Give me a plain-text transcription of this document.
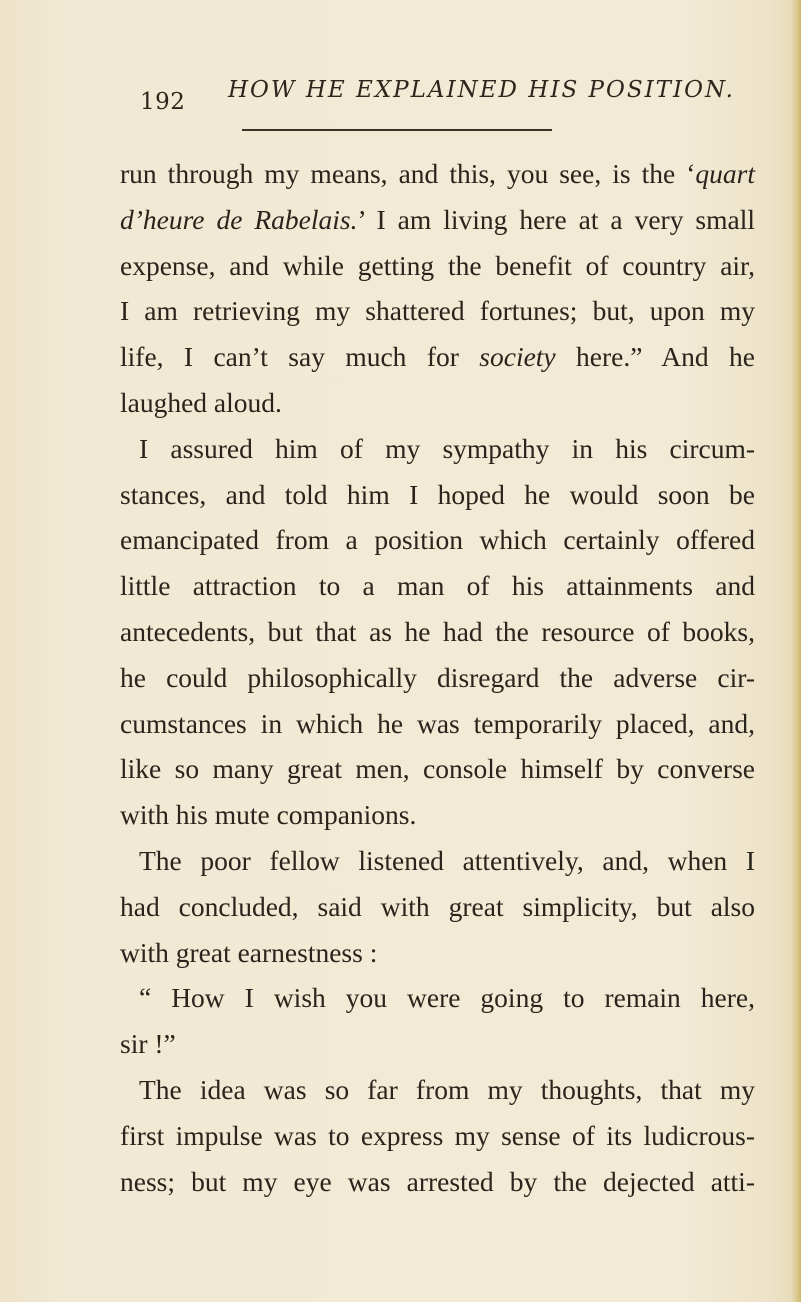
192 HOW HE EXPLAINED HIS POSITION.
run through my means, and this, you see, is the ‘quart
d’heure de Rabelais.’ I am living here at a very small
expense, and while getting the benefit of country air,
I am retrieving my shattered fortunes; but, upon my
life, I can’t say much for society here.” And he
laughed aloud.
I assured him of my sympathy in his circum-
stances, and told him I hoped he would soon be
emancipated from a position which certainly offered
little attraction to a man of his attainments and
antecedents, but that as he had the resource of books,
he could philosophically disregard the adverse cir-
cumstances in which he was temporarily placed, and,
like so many great men, console himself by converse
with his mute companions.
The poor fellow listened attentively, and, when I
had concluded, said with great simplicity, but also
with great earnestness :
“ How I wish you were going to remain here,
sir !”
The idea was so far from my thoughts, that my
first impulse was to express my sense of its ludicrous-
ness; but my eye was arrested by the dejected atti-
